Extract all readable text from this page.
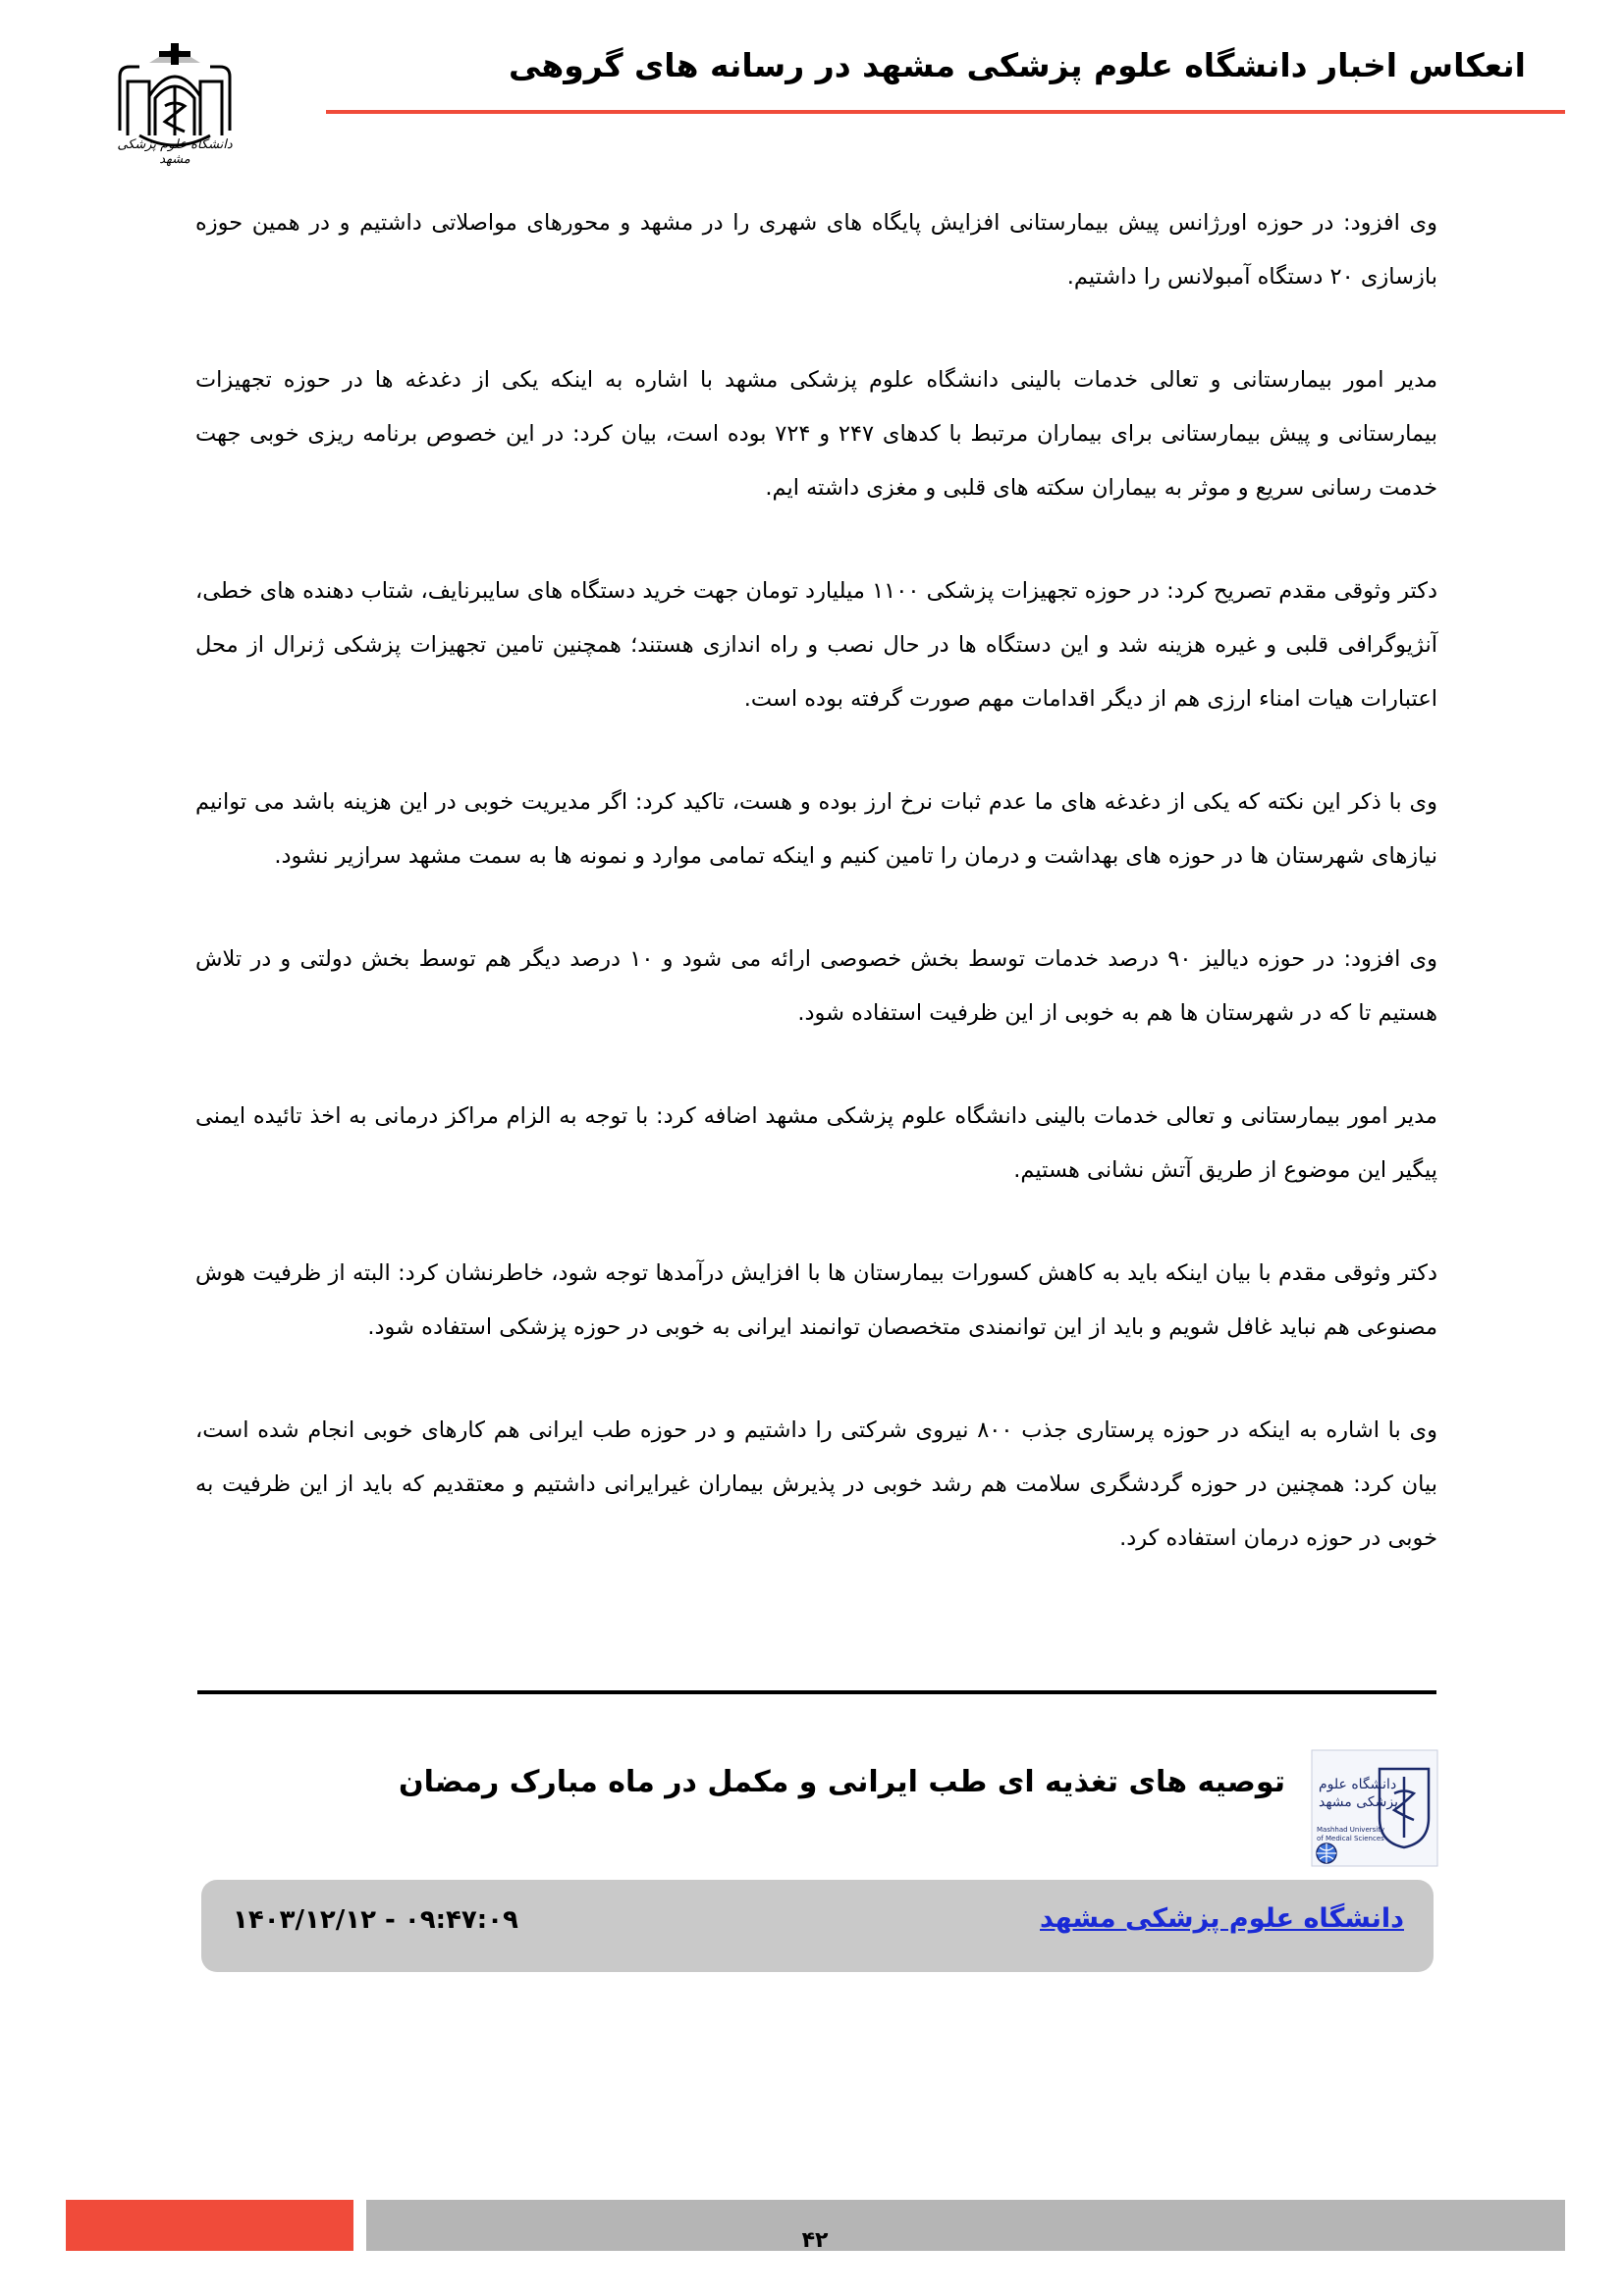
دانشگاه علوم پزشکی مشهد
انعکاس اخبار دانشگاه علوم پزشکی مشهد در رسانه های گروهی

وی افزود: در حوزه اورژانس پیش بیمارستانی افزایش پایگاه های شهری را در مشهد و محورهای مواصلاتی داشتیم و در همین حوزه بازسازی ۲۰ دستگاه آمبولانس را داشتیم.

مدیر امور بیمارستانی و تعالی خدمات بالینی دانشگاه علوم پزشکی مشهد با اشاره به اینکه یکی از دغدغه ها در حوزه تجهیزات بیمارستانی و پیش بیمارستانی برای بیماران مرتبط با کدهای ۲۴۷ و ۷۲۴ بوده است، بیان کرد: در این خصوص برنامه ریزی خوبی جهت خدمت رسانی سریع و موثر به بیماران سکته های قلبی و مغزی داشته ایم.

دکتر وثوقی مقدم تصریح کرد: در حوزه تجهیزات پزشکی ۱۱۰۰ میلیارد تومان جهت خرید دستگاه های سایبرنایف، شتاب دهنده های خطی، آنژیوگرافی قلبی و غیره هزینه شد و این دستگاه ها در حال نصب و راه اندازی هستند؛ همچنین تامین تجهیزات پزشکی ژنرال از محل اعتبارات هیات امناء ارزی هم از دیگر اقدامات مهم صورت گرفته بوده است.

وی با ذکر این نکته که یکی از دغدغه های ما عدم ثبات نرخ ارز بوده و هست، تاکید کرد: اگر مدیریت خوبی در این هزینه باشد می توانیم نیازهای شهرستان ها در حوزه های بهداشت و درمان را تامین کنیم و اینکه تمامی موارد و نمونه ها به سمت مشهد سرازیر نشود.

وی افزود: در حوزه دیالیز ۹۰ درصد خدمات توسط بخش خصوصی ارائه می شود و ۱۰ درصد دیگر هم توسط بخش دولتی و در تلاش هستیم تا که در شهرستان ها هم به خوبی از این ظرفیت استفاده شود.

مدیر امور بیمارستانی و تعالی خدمات بالینی دانشگاه علوم پزشکی مشهد اضافه کرد: با توجه به الزام مراکز درمانی به اخذ تائیده ایمنی پیگیر این موضوع از طریق آتش نشانی هستیم.

دکتر وثوقی مقدم با بیان اینکه باید به کاهش کسورات بیمارستان ها با افزایش درآمدها توجه شود، خاطرنشان کرد: البته از ظرفیت هوش مصنوعی هم نباید غافل شویم و باید از این توانمندی متخصصان توانمند ایرانی به خوبی در حوزه پزشکی استفاده شود.

وی با اشاره به اینکه در حوزه پرستاری جذب ۸۰۰ نیروی شرکتی را داشتیم و در حوزه طب ایرانی هم کارهای خوبی انجام شده است، بیان کرد: همچنین در حوزه گردشگری سلامت هم رشد خوبی در پذیرش بیماران غیرایرانی داشتیم و معتقدیم که باید از این ظرفیت به خوبی در حوزه درمان استفاده کرد.

دانشگاه علوم
پزشکی مشهد
Mashhad University
of Medical Sciences
توصیه های تغذیه ای طب ایرانی و مکمل در ماه مبارک رمضان
دانشگاه علوم پزشکی مشهد
۱۴۰۳/۱۲/۱۲ - ۰۹:۴۷:۰۹
۴۲
